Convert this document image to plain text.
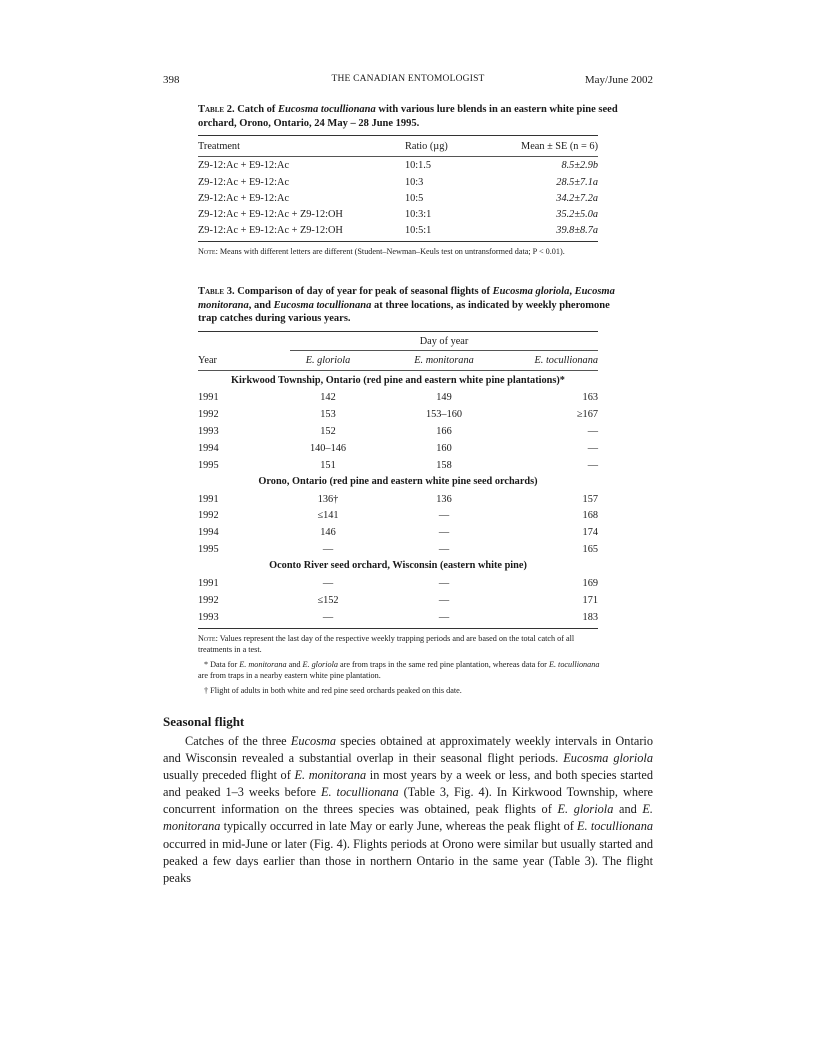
398	THE CANADIAN ENTOMOLOGIST	May/June 2002
Table 2. Catch of Eucosma tocullionana with various lure blends in an eastern white pine seed orchard, Orono, Ontario, 24 May – 28 June 1995.
Treatment	Ratio (µg)	Mean ± SE (n = 6)
Z9-12:Ac + E9-12:Ac	10:1.5	8.5±2.9b
Z9-12:Ac + E9-12:Ac	10:3	28.5±7.1a
Z9-12:Ac + E9-12:Ac	10:5	34.2±7.2a
Z9-12:Ac + E9-12:Ac + Z9-12:OH	10:3:1	35.2±5.0a
Z9-12:Ac + E9-12:Ac + Z9-12:OH	10:5:1	39.8±8.7a
Note: Means with different letters are different (Student–Newman–Keuls test on untransformed data; P < 0.01).
Table 3. Comparison of day of year for peak of seasonal flights of Eucosma gloriola, Eucosma monitorana, and Eucosma tocullionana at three locations, as indicated by weekly pheromone trap catches during various years.
Day of year
Year	E. gloriola	E. monitorana	E. tocullionana
Kirkwood Township, Ontario (red pine and eastern white pine plantations)*
1991	142	149	163
1992	153	153–160	≥167
1993	152	166	—
1994	140–146	160	—
1995	151	158	—
Orono, Ontario (red pine and eastern white pine seed orchards)
1991	136†	136	157
1992	≤141	—	168
1994	146	—	174
1995	—	—	165
Oconto River seed orchard, Wisconsin (eastern white pine)
1991	—	—	169
1992	≤152	—	171
1993	—	—	183
Note: Values represent the last day of the respective weekly trapping periods and are based on the total catch of all treatments in a test.
* Data for E. monitorana and E. gloriola are from traps in the same red pine plantation, whereas data for E. tocullionana are from traps in a nearby eastern white pine plantation.
† Flight of adults in both white and red pine seed orchards peaked on this date.
Seasonal flight
Catches of the three Eucosma species obtained at approximately weekly intervals in Ontario and Wisconsin revealed a substantial overlap in their seasonal flight periods. Eucosma gloriola usually preceded flight of E. monitorana in most years by a week or less, and both species started and peaked 1–3 weeks before E. tocullionana (Table 3, Fig. 4). In Kirkwood Township, where concurrent information on the threes species was obtained, peak flights of E. gloriola and E. monitorana typically occurred in late May or early June, whereas the peak flight of E. tocullionana occurred in mid-June or later (Fig. 4). Flights periods at Orono were similar but usually started and peaked a few days earlier than those in northern Ontario in the same year (Table 3). The flight peaks
